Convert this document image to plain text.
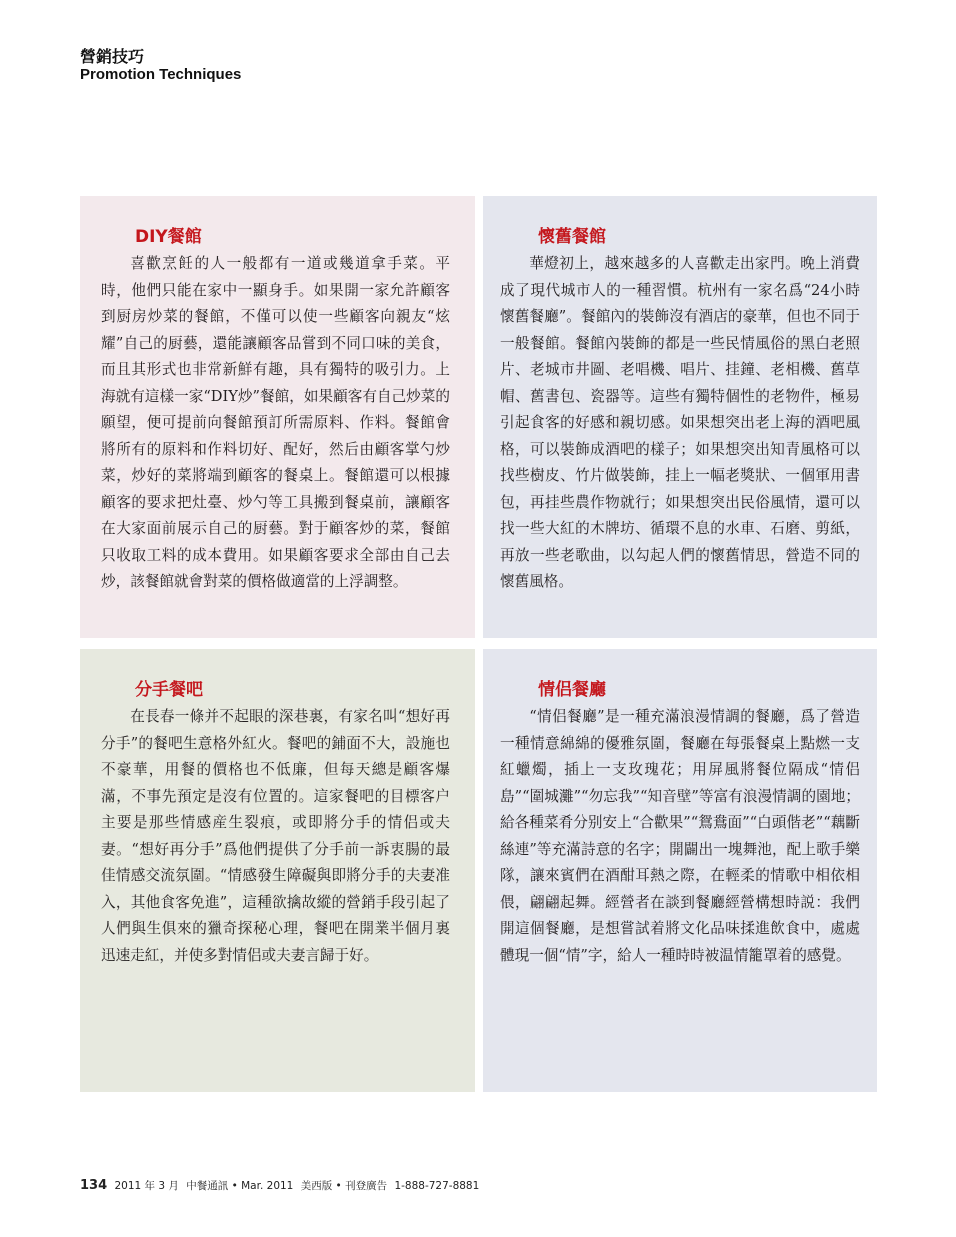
營銷技巧
Promotion Techniques
DIY餐館

喜歡烹飪的人一般都有一道或幾道拿手菜。平時，他們只能在家中一顯身手。如果開一家允許顧客到厨房炒菜的餐館，不僅可以使一些顧客向親友“炫耀”自己的厨藝，還能讓顧客品嘗到不同口味的美食，而且其形式也非常新鮮有趣，具有獨特的吸引力。上海就有這樣一家“DIY炒”餐館，如果顧客有自己炒菜的願望，便可提前向餐館預訂所需原料、作料。餐館會將所有的原料和作料切好、配好，然后由顧客掌勺炒菜，炒好的菜將端到顧客的餐桌上。餐館還可以根據顧客的要求把灶臺、炒勺等工具搬到餐桌前，讓顧客在大家面前展示自己的厨藝。對于顧客炒的菜，餐館只收取工料的成本費用。如果顧客要求全部由自己去炒，該餐館就會對菜的價格做適當的上浮調整。

懷舊餐館

華燈初上，越來越多的人喜歡走出家門。晚上消費成了現代城市人的一種習慣。杭州有一家名爲“24小時懷舊餐廳”。餐館內的裝飾沒有酒店的豪華，但也不同于一般餐館。餐館內裝飾的都是一些民情風俗的黑白老照片、老城市井圖、老唱機、唱片、挂鐘、老相機、舊草帽、舊書包、瓷器等。這些有獨特個性的老物件，極易引起食客的好感和親切感。如果想突出老上海的酒吧風格，可以裝飾成酒吧的樣子；如果想突出知青風格可以找些樹皮、竹片做裝飾，挂上一幅老獎狀、一個軍用書包，再挂些農作物就行；如果想突出民俗風情，還可以找一些大紅的木牌坊、循環不息的水車、石磨、剪紙，再放一些老歌曲，以勾起人們的懷舊情思，營造不同的懷舊風格。

分手餐吧

在長春一條并不起眼的深巷裏，有家名叫“想好再分手”的餐吧生意格外紅火。餐吧的鋪面不大，設施也不豪華，用餐的價格也不低廉，但每天總是顧客爆滿，不事先預定是沒有位置的。這家餐吧的目標客户主要是那些情感産生裂痕，或即將分手的情侣或夫妻。“想好再分手”爲他們提供了分手前一訴衷腸的最佳情感交流氛圍。“情感發生障礙與即將分手的夫妻准入，其他食客免進”，這種欲擒故縱的營銷手段引起了人們與生俱來的獵奇探秘心理，餐吧在開業半個月裏迅速走紅，并使多對情侣或夫妻言歸于好。

情侣餐廳

“情侣餐廳”是一種充滿浪漫情調的餐廳，爲了營造一種情意綿綿的優雅氛圍，餐廳在每張餐桌上點燃一支紅蠟燭，插上一支玫瑰花；用屏風將餐位隔成“情侣島”“圍城灘”“勿忘我”“知音壁”等富有浪漫情調的園地；給各種菜肴分别安上“合歡果”“鴛鴦面”“白頭偕老”“藕斷絲連”等充滿詩意的名字；開闢出一塊舞池，配上歌手樂隊，讓來賓們在酒酣耳熱之際，在輕柔的情歌中相依相偎，翩翩起舞。經營者在談到餐廳經營構想時説：我們開這個餐廳，是想嘗試着將文化品味揉進飲食中，處處體現一個“情”字，給人一種時時被温情籠罩着的感覺。

134 2011 年 3 月 中餐通訊 • Mar. 2011 美西版 • 刊登廣告 1-888-727-8881
